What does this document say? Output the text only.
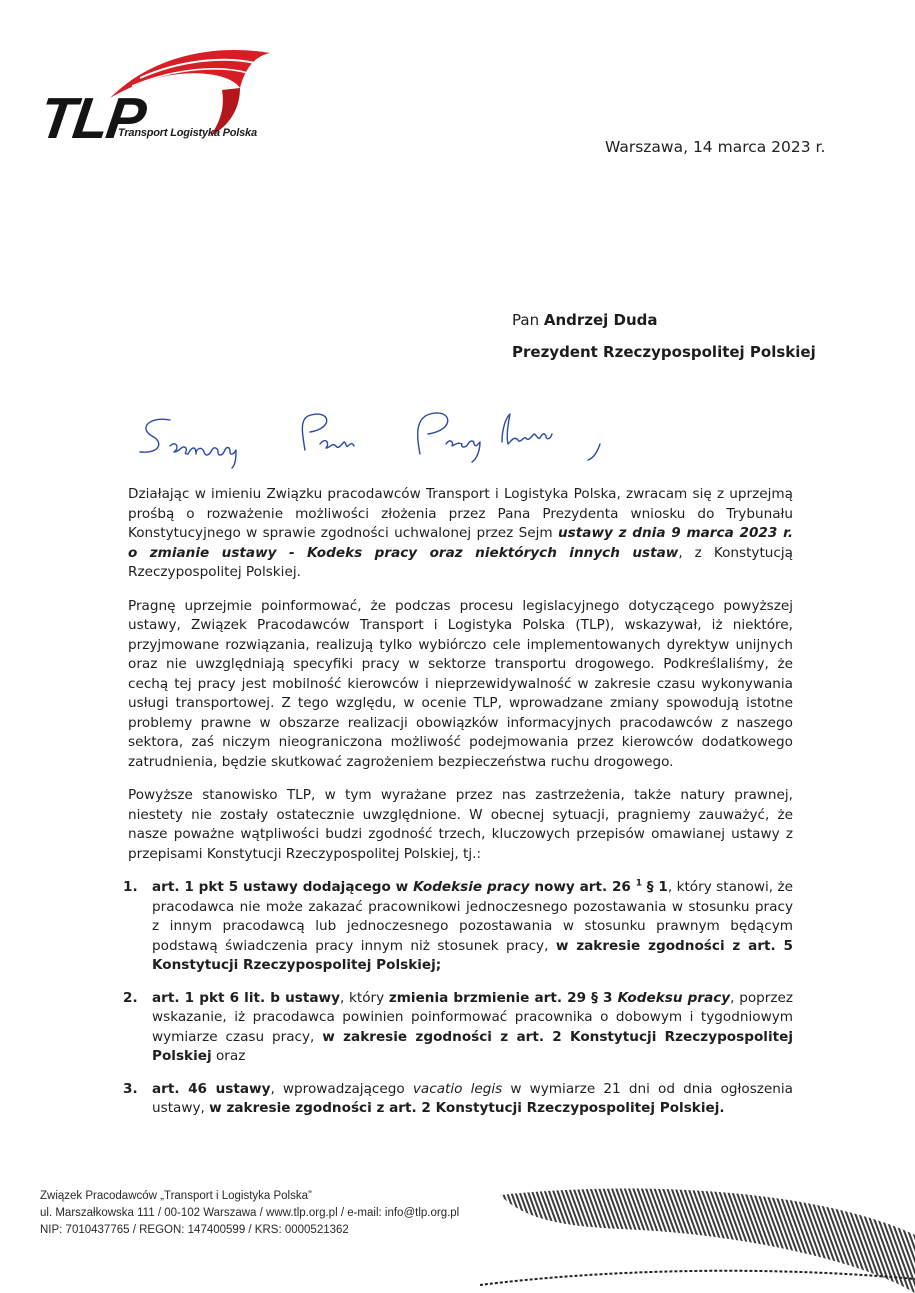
TLP
Transport Logistyka Polska
Warszawa, 14 marca 2023 r.
Pan Andrzej Duda
Prezydent Rzeczypospolitej Polskiej

Działając w imieniu Związku pracodawców Transport i Logistyka Polska, zwracam się z uprzejmą prośbą o rozważenie możliwości złożenia przez Pana Prezydenta wniosku do Trybunału Konstytucyjnego w sprawie zgodności uchwalonej przez Sejm ustawy z dnia 9 marca 2023 r. o zmianie ustawy - Kodeks pracy oraz niektórych innych ustaw, z Konstytucją Rzeczypospolitej Polskiej.

Pragnę uprzejmie poinformować, że podczas procesu legislacyjnego dotyczącego powyższej ustawy, Związek Pracodawców Transport i Logistyka Polska (TLP), wskazywał, iż niektóre, przyjmowane rozwiązania, realizują tylko wybiórczo cele implementowanych dyrektyw unijnych oraz nie uwzględniają specyfiki pracy w sektorze transportu drogowego. Podkreślaliśmy, że cechą tej pracy jest mobilność kierowców i nieprzewidywalność w zakresie czasu wykonywania usługi transportowej. Z tego względu, w ocenie TLP, wprowadzane zmiany spowodują istotne problemy prawne w obszarze realizacji obowiązków informacyjnych pracodawców z naszego sektora, zaś niczym nieograniczona możliwość podejmowania przez kierowców dodatkowego zatrudnienia, będzie skutkować zagrożeniem bezpieczeństwa ruchu drogowego.

Powyższe stanowisko TLP, w tym wyrażane przez nas zastrzeżenia, także natury prawnej, niestety nie zostały ostatecznie uwzględnione. W obecnej sytuacji, pragniemy zauważyć, że nasze poważne wątpliwości budzi zgodność trzech, kluczowych przepisów omawianej ustawy z przepisami Konstytucji Rzeczypospolitej Polskiej, tj.:

1. art. 1 pkt 5 ustawy dodającego w Kodeksie pracy nowy art. 26 $^1$ § 1, który stanowi, że pracodawca nie może zakazać pracownikowi jednoczesnego pozostawania w stosunku pracy z innym pracodawcą lub jednoczesnego pozostawania w stosunku prawnym będącym podstawą świadczenia pracy innym niż stosunek pracy, w zakresie zgodności z art. 5 Konstytucji Rzeczypospolitej Polskiej;
2. art. 1 pkt 6 lit. b ustawy, który zmienia brzmienie art. 29 § 3 Kodeksu pracy, poprzez wskazanie, iż pracodawca powinien poinformować pracownika o dobowym i tygodniowym wymiarze czasu pracy, w zakresie zgodności z art. 2 Konstytucji Rzeczypospolitej Polskiej oraz
3. art. 46 ustawy, wprowadzającego vacatio legis w wymiarze 21 dni od dnia ogłoszenia ustawy, w zakresie zgodności z art. 2 Konstytucji Rzeczypospolitej Polskiej.
Związek Pracodawców „Transport i Logistyka Polska”
ul. Marszałkowska 111 / 00-102 Warszawa / www.tlp.org.pl / e-mail: info@tlp.org.pl
NIP: 7010437765 / REGON: 147400599 / KRS: 0000521362
